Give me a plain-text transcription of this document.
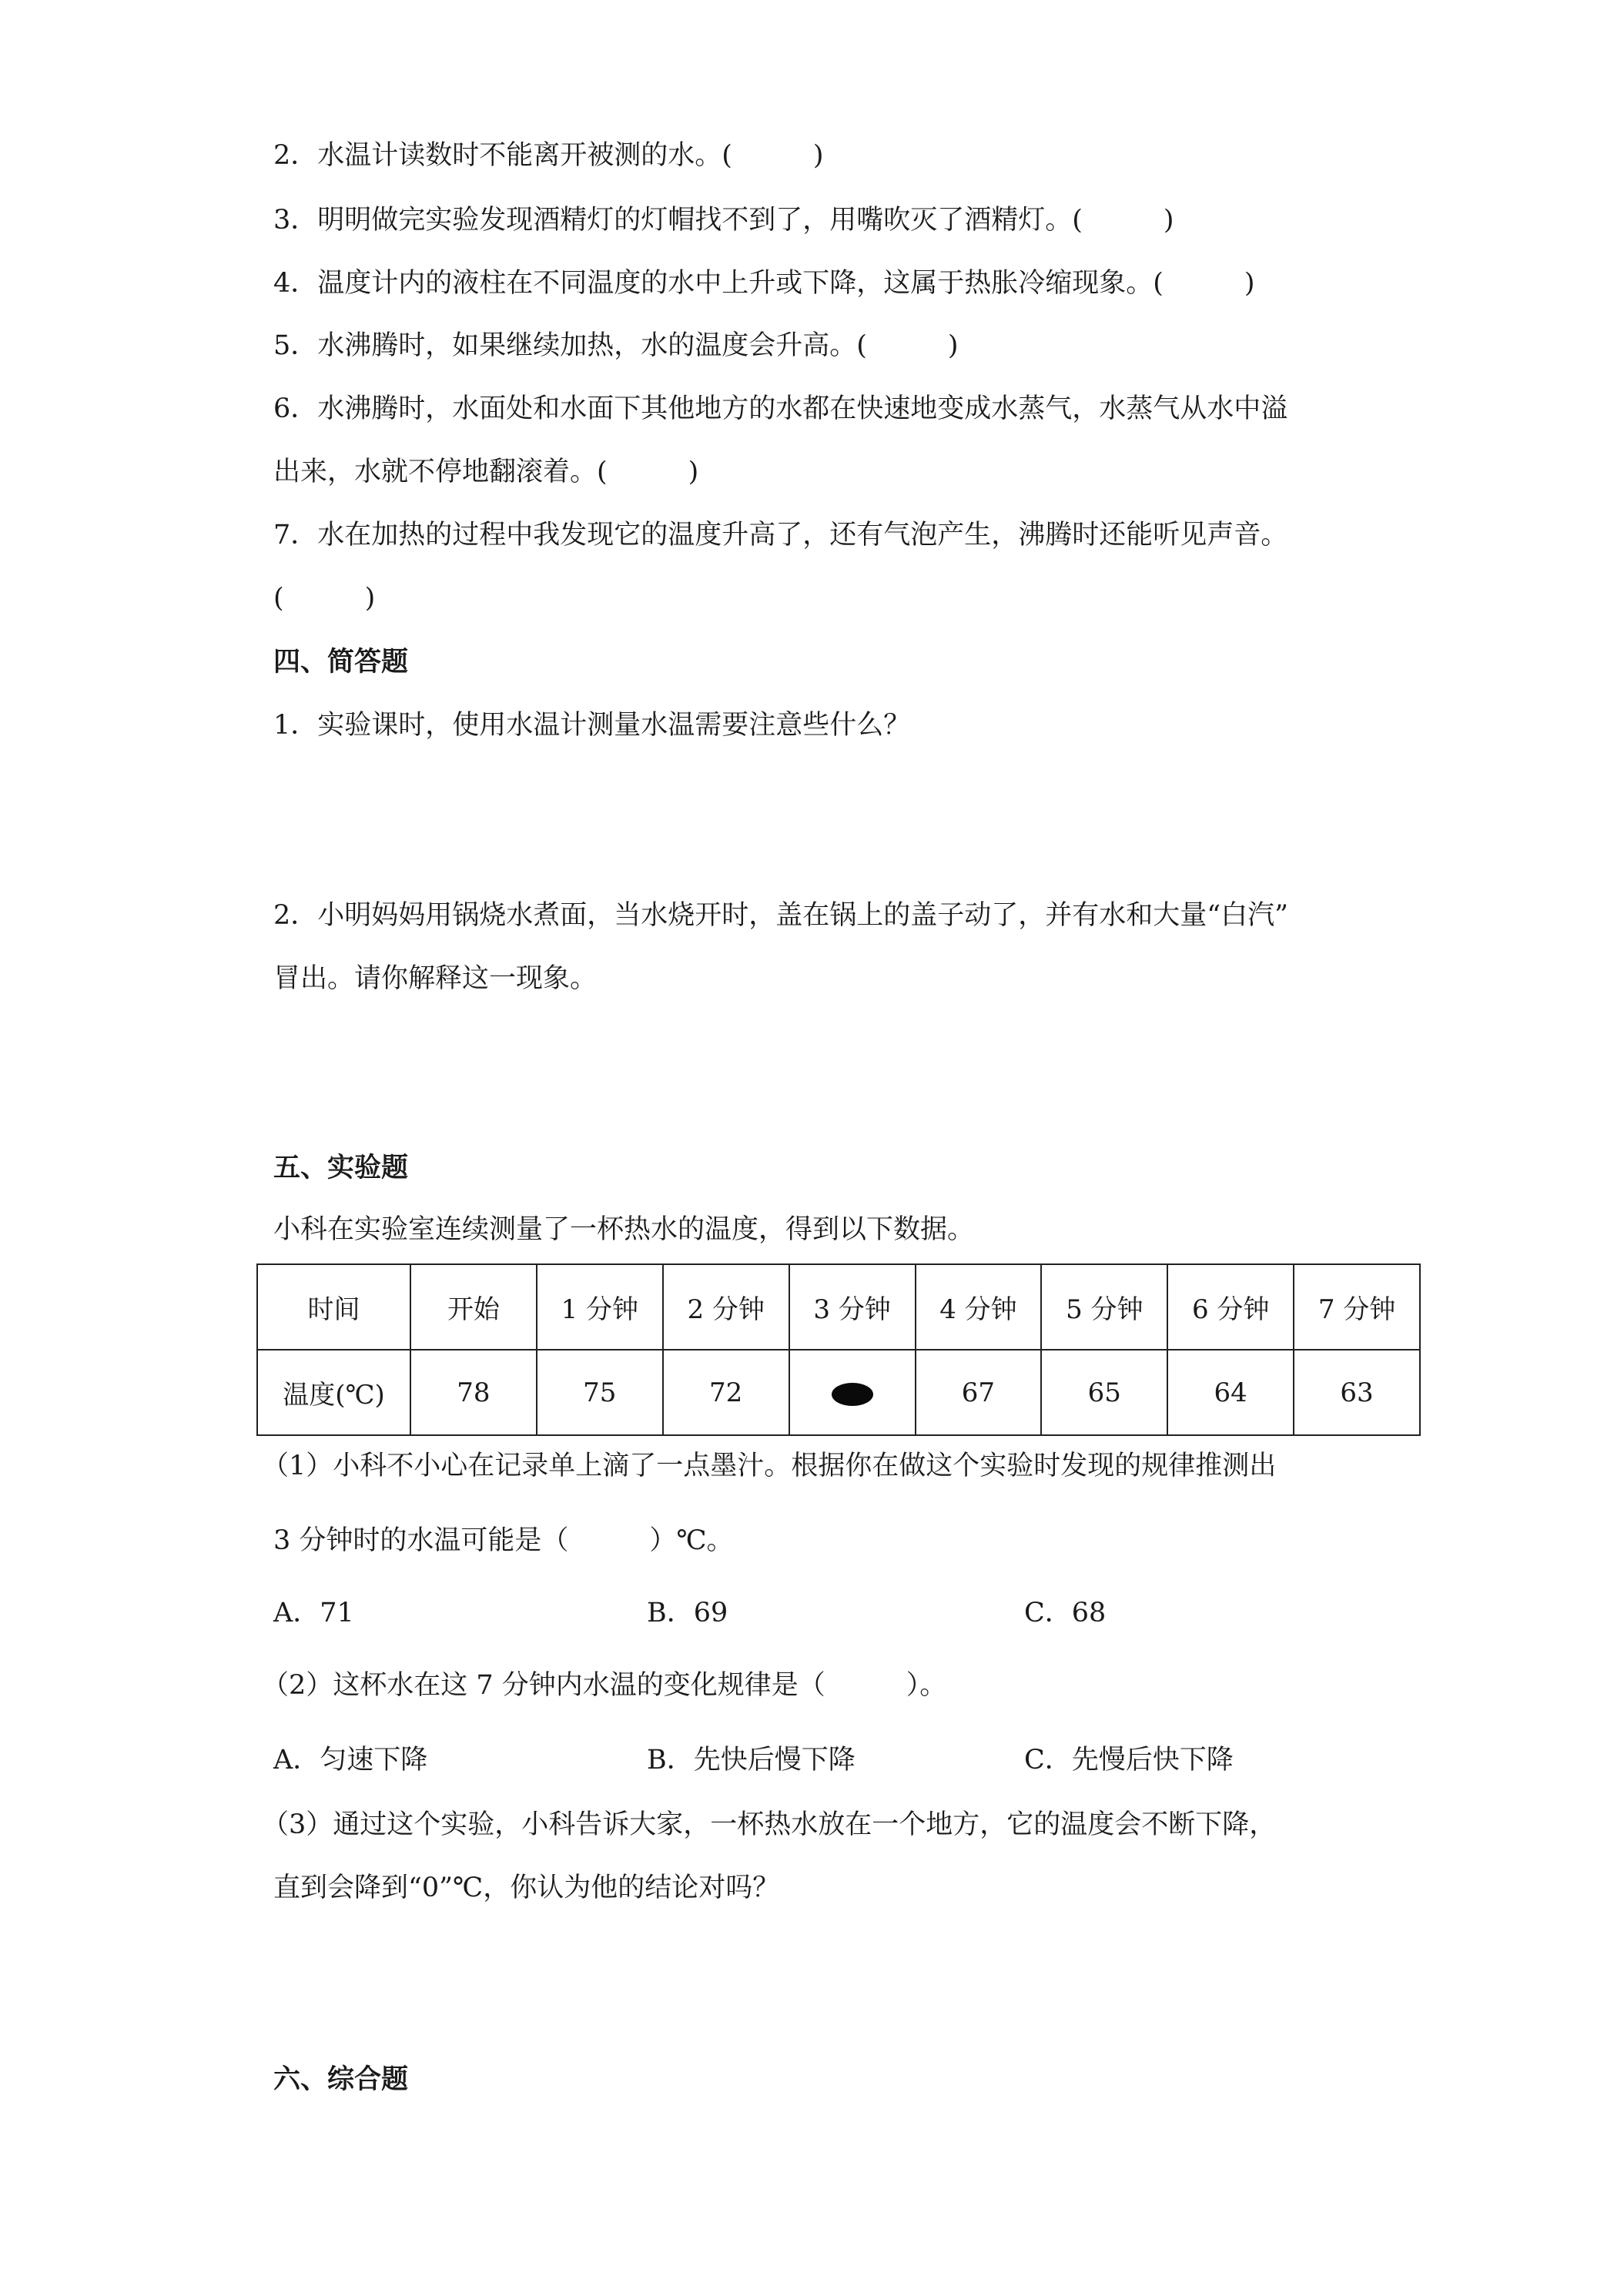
2．水温计读数时不能离开被测的水。(　　　)
3．明明做完实验发现酒精灯的灯帽找不到了，用嘴吹灭了酒精灯。(　　　)
4．温度计内的液柱在不同温度的水中上升或下降，这属于热胀冷缩现象。(　　　)
5．水沸腾时，如果继续加热，水的温度会升高。(　　　)
6．水沸腾时，水面处和水面下其他地方的水都在快速地变成水蒸气，水蒸气从水中溢
出来，水就不停地翻滚着。(　　　)
7．水在加热的过程中我发现它的温度升高了，还有气泡产生，沸腾时还能听见声音。
(　　　)
四、简答题
1．实验课时，使用水温计测量水温需要注意些什么？
2．小明妈妈用锅烧水煮面，当水烧开时，盖在锅上的盖子动了，并有水和大量“白汽”
冒出。请你解释这一现象。
五、实验题
小科在实验室连续测量了一杯热水的温度，得到以下数据。
时间	开始	1 分钟	2 分钟	3 分钟	4 分钟	5 分钟	6 分钟	7 分钟
温度(℃)	78	75	72		67	65	64	63
（1）小科不小心在记录单上滴了一点墨汁。根据你在做这个实验时发现的规律推测出
3 分钟时的水温可能是（　　　）℃。
A．71	B．69	C．68
（2）这杯水在这 7 分钟内水温的变化规律是（　　　）。
A．匀速下降	B．先快后慢下降	C．先慢后快下降
（3）通过这个实验，小科告诉大家，一杯热水放在一个地方，它的温度会不断下降，
直到会降到“0”℃，你认为他的结论对吗？
六、综合题
